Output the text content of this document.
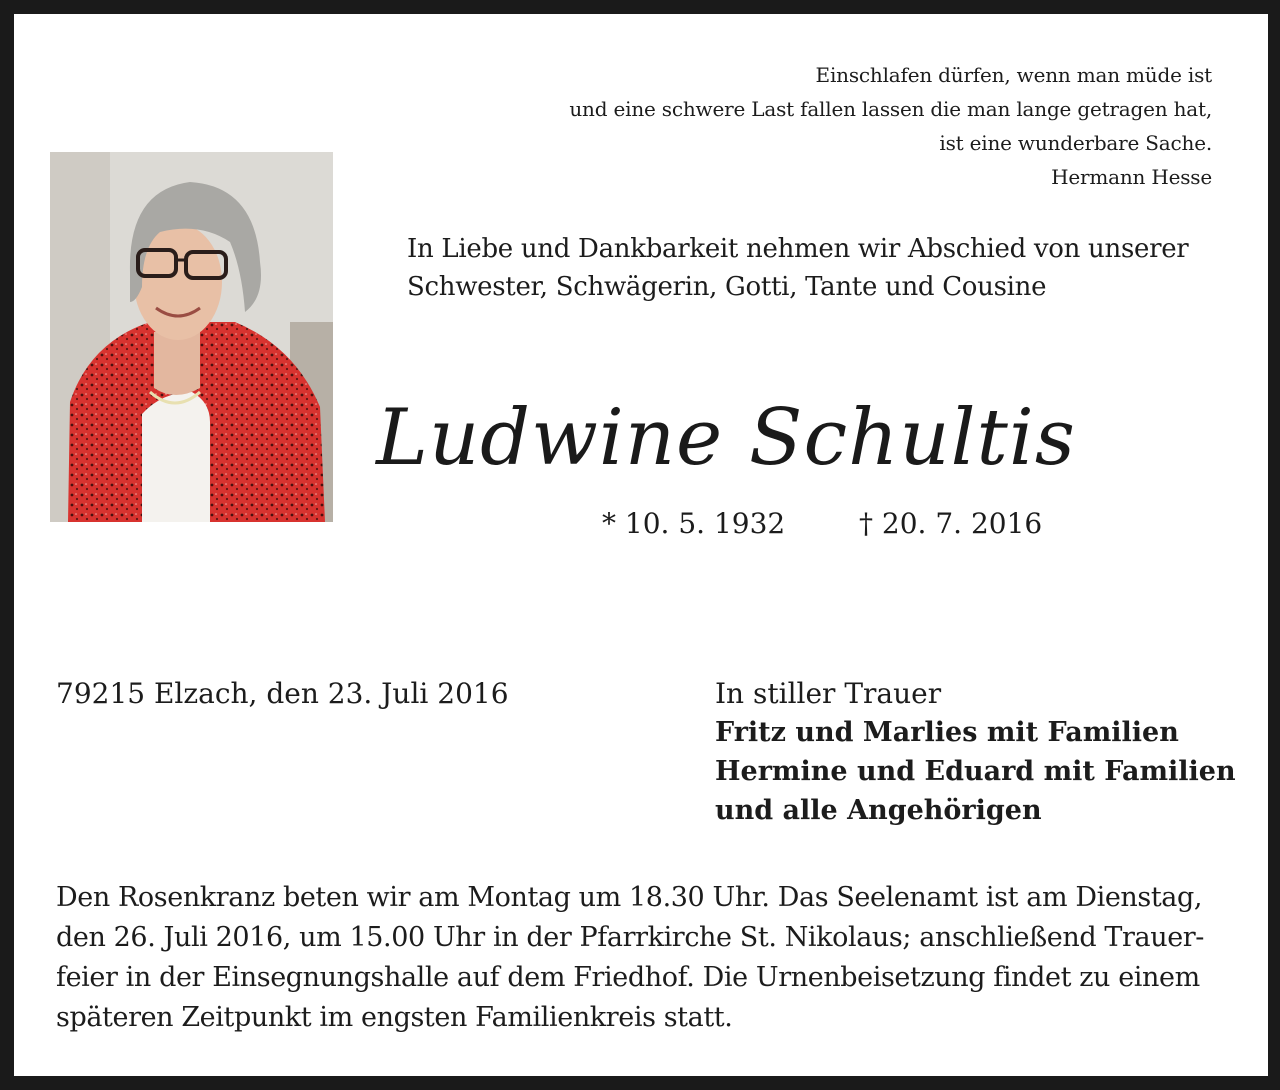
Einschlafen dürfen, wenn man müde ist
und eine schwere Last fallen lassen die man lange getragen hat,
ist eine wunderbare Sache.
Hermann Hesse
In Liebe und Dankbarkeit nehmen wir Abschied von unserer
Schwester, Schwägerin, Gotti, Tante und Cousine
Ludwine Schultis
* 10. 5. 1932	† 20. 7. 2016
79215 Elzach, den 23. Juli 2016	In stiller Trauer
Fritz und Marlies mit Familien
Hermine und Eduard mit Familien
und alle Angehörigen
Den Rosenkranz beten wir am Montag um 18.30 Uhr. Das Seelenamt ist am Dienstag,
den 26. Juli 2016, um 15.00 Uhr in der Pfarrkirche St. Nikolaus; anschließend Trauer-
feier in der Einsegnungshalle auf dem Friedhof. Die Urnenbeisetzung findet zu einem
späteren Zeitpunkt im engsten Familienkreis statt.
